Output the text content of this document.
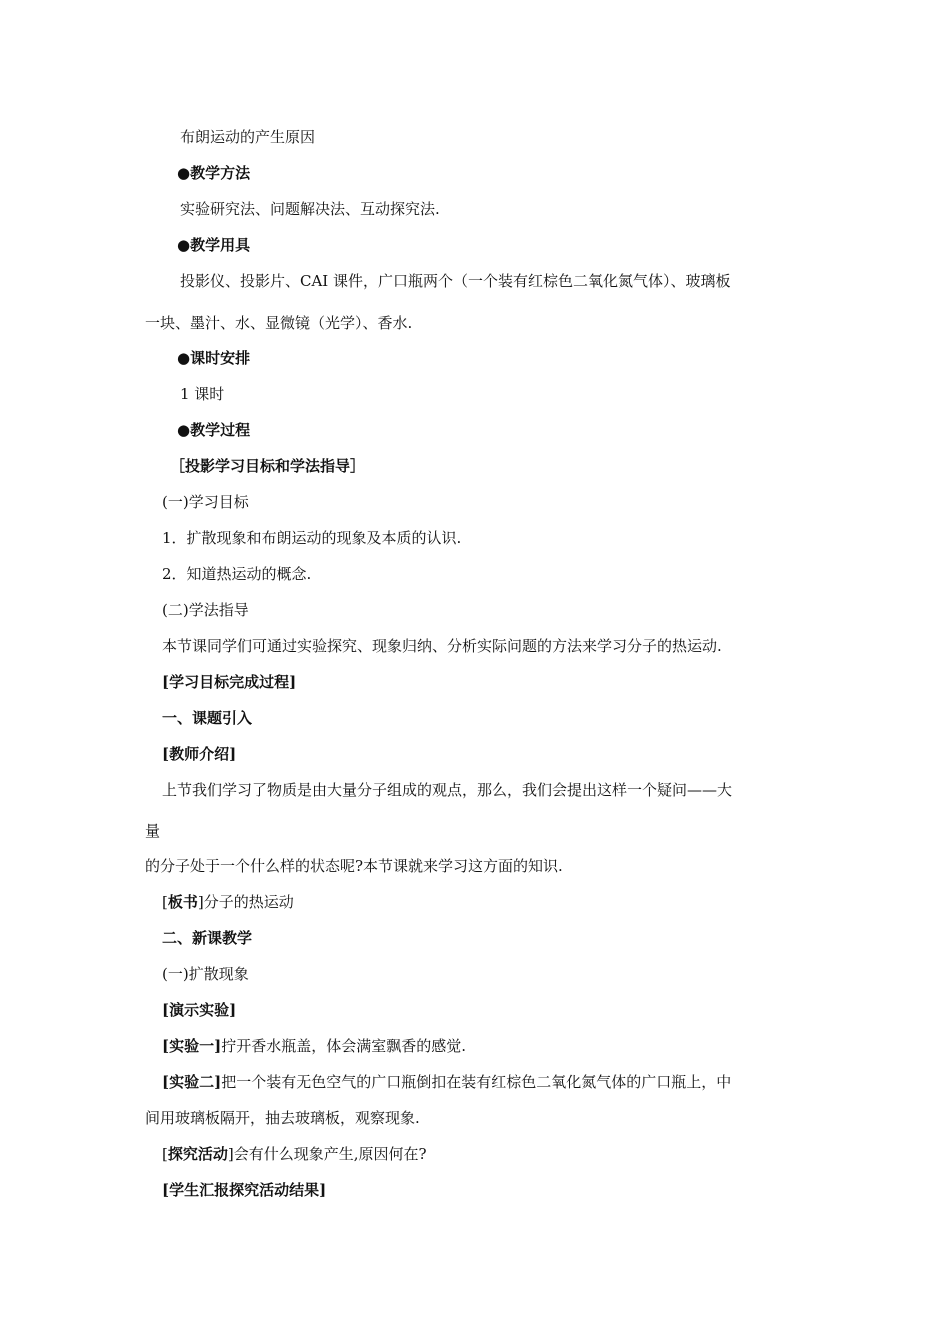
布朗运动的产生原因
●教学方法
实验研究法、问题解决法、互动探究法.
●教学用具
投影仪、投影片、CAI 课件，广口瓶两个（一个装有红棕色二氧化氮气体）、玻璃板
一块、墨汁、水、显微镜（光学）、香水.
●课时安排
1 课时
●教学过程
［投影学习目标和学法指导］
(一)学习目标
1．扩散现象和布朗运动的现象及本质的认识.
2．知道热运动的概念.
(二)学法指导
本节课同学们可通过实验探究、现象归纳、分析实际问题的方法来学习分子的热运动.
[学习目标完成过程]
一、课题引入
[教师介绍]
上节我们学习了物质是由大量分子组成的观点，那么，我们会提出这样一个疑问——大
量
的分子处于一个什么样的状态呢?本节课就来学习这方面的知识.
[板书]分子的热运动
二、新课教学
(一)扩散现象
[演示实验]
[实验一]拧开香水瓶盖，体会满室飘香的感觉.
[实验二]把一个装有无色空气的广口瓶倒扣在装有红棕色二氧化氮气体的广口瓶上，中
间用玻璃板隔开，抽去玻璃板，观察现象.
[探究活动]会有什么现象产生,原因何在?
[学生汇报探究活动结果]
